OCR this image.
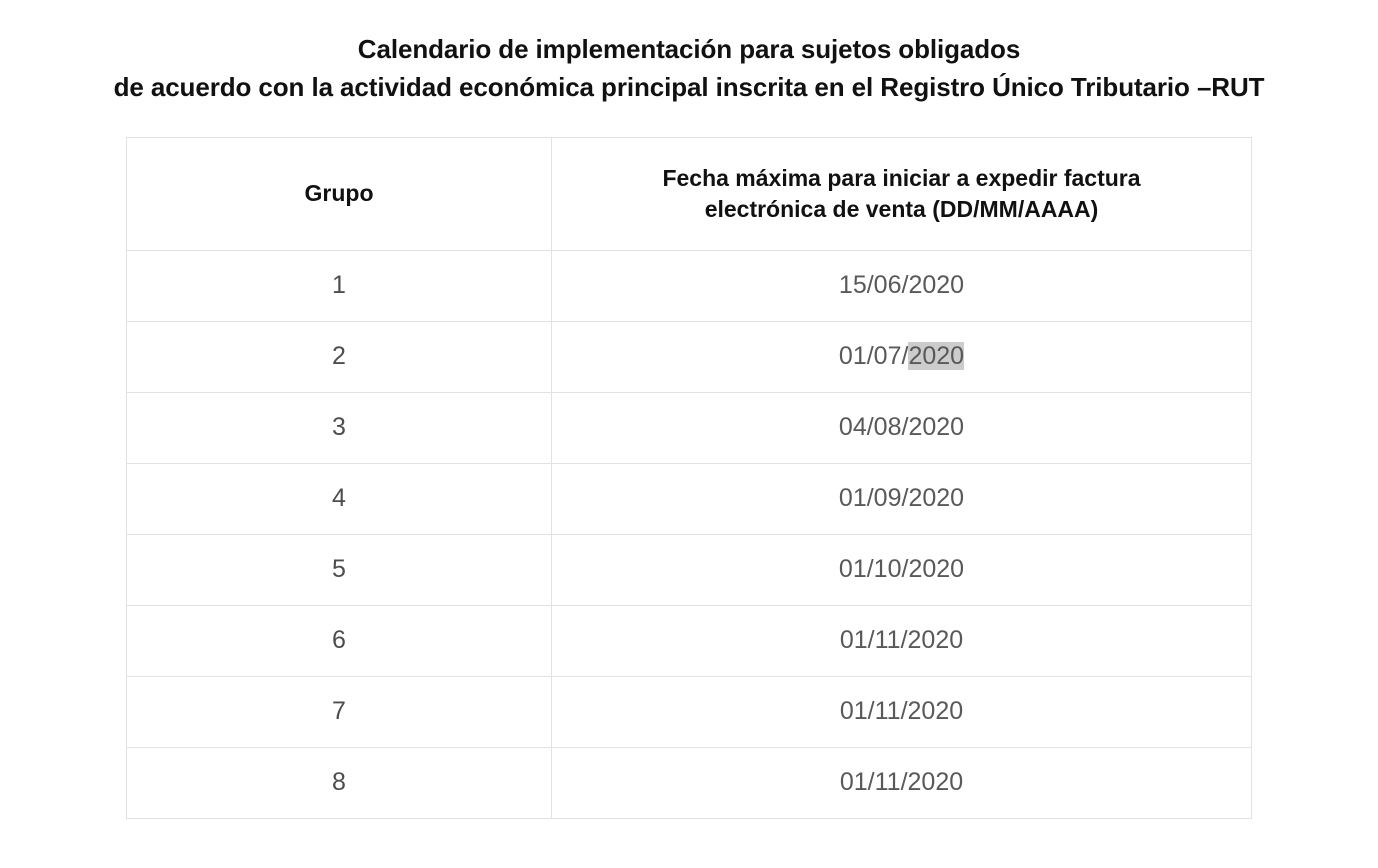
Calendario de implementación para sujetos obligados
de acuerdo con la actividad económica principal inscrita en el Registro Único Tributario –RUT
Grupo	Fecha máxima para iniciar a expedir factura
electrónica de venta (DD/MM/AAAA)
1	15/06/2020
2	01/07/2020
3	04/08/2020
4	01/09/2020
5	01/10/2020
6	01/11/2020
7	01/11/2020
8	01/11/2020
